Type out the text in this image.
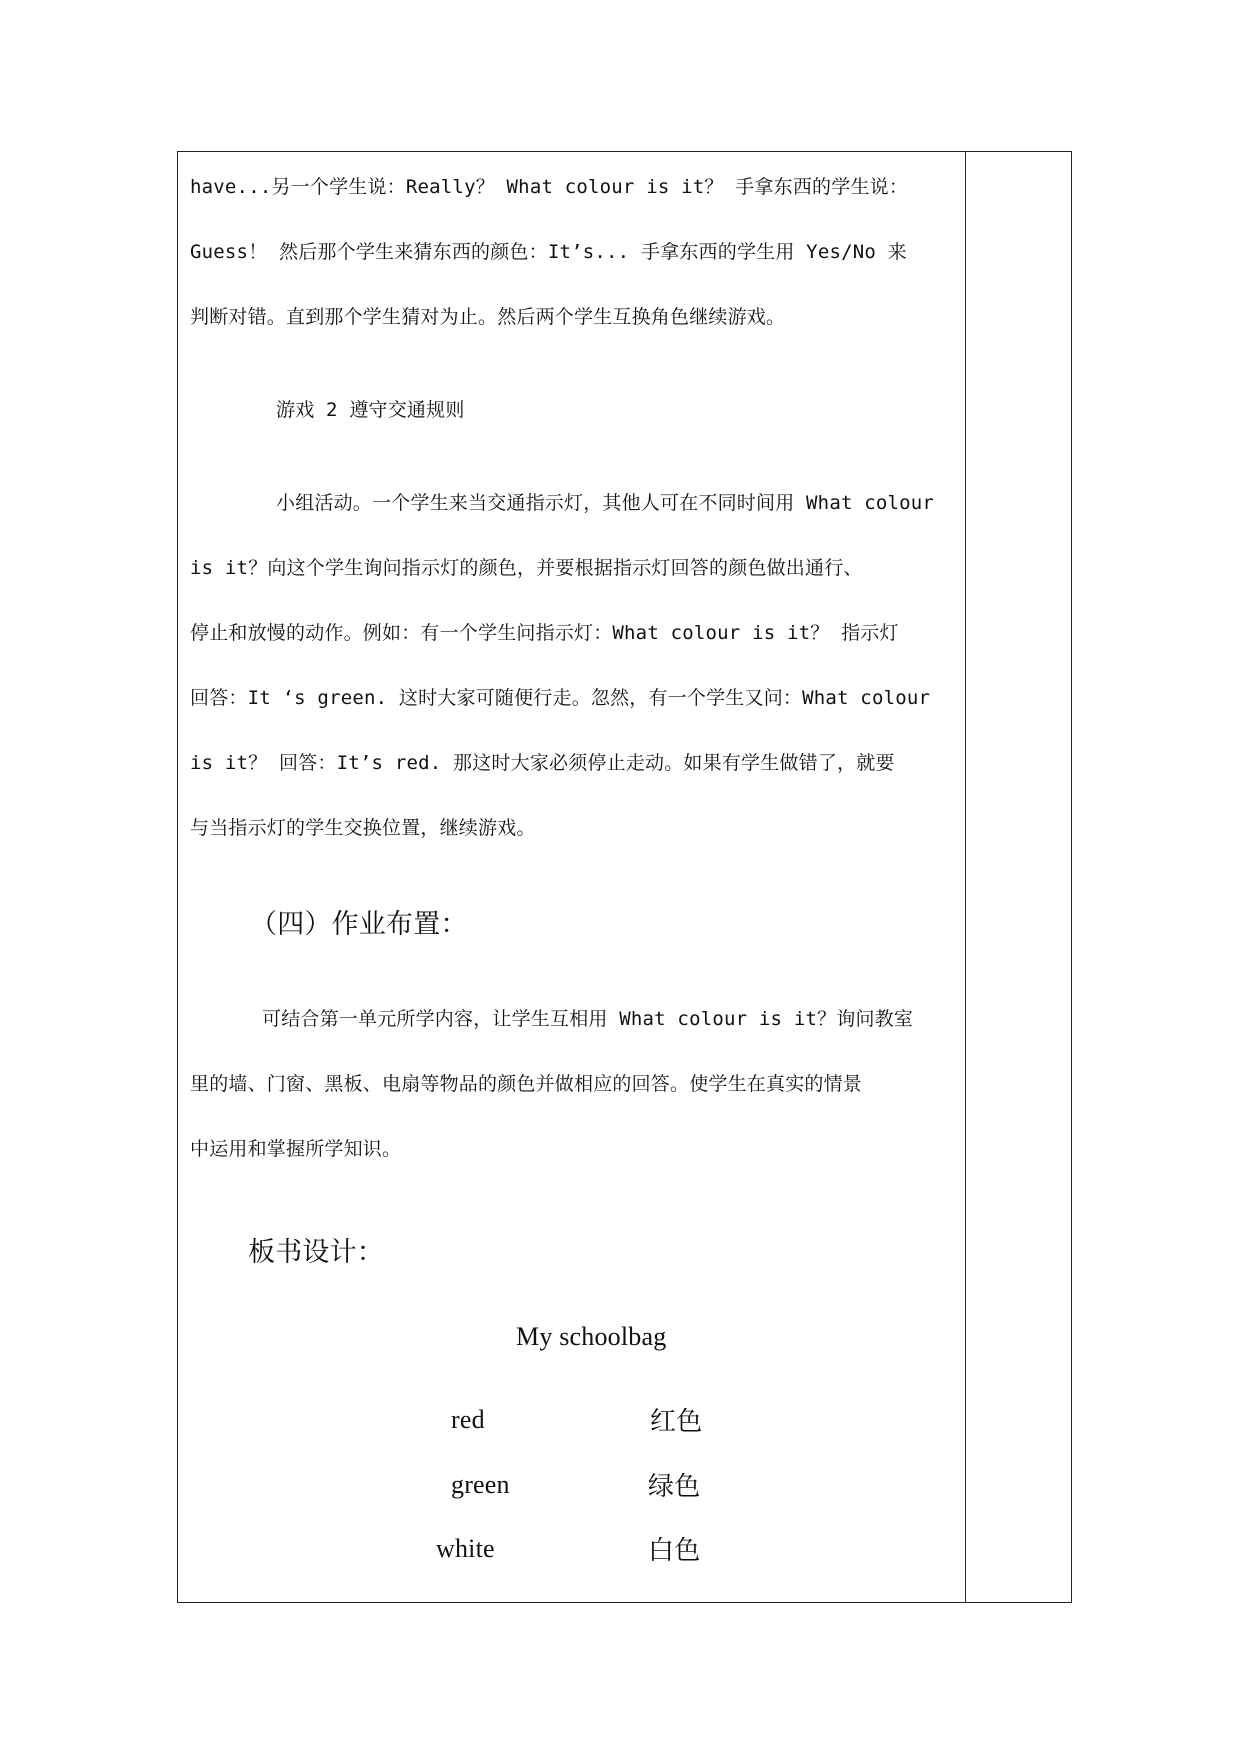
have...另一个学生说：Really？ What colour is it？ 手拿东西的学生说：
Guess！ 然后那个学生来猜东西的颜色：It’s... 手拿东西的学生用 Yes/No 来
判断对错。直到那个学生猜对为止。然后两个学生互换角色继续游戏。
游戏 2 遵守交通规则
小组活动。一个学生来当交通指示灯，其他人可在不同时间用 What colour
is it？向这个学生询问指示灯的颜色，并要根据指示灯回答的颜色做出通行、
停止和放慢的动作。例如：有一个学生问指示灯：What colour is it？ 指示灯
回答：It ‘s green. 这时大家可随便行走。忽然，有一个学生又问：What colour
is it？ 回答：It’s red. 那这时大家必须停止走动。如果有学生做错了，就要
与当指示灯的学生交换位置，继续游戏。
（四）作业布置：
可结合第一单元所学内容，让学生互相用 What colour is it？询问教室
里的墙、门窗、黑板、电扇等物品的颜色并做相应的回答。使学生在真实的情景
中运用和掌握所学知识。
板书设计：
My schoolbag
red	红色
green	绿色
white	白色
